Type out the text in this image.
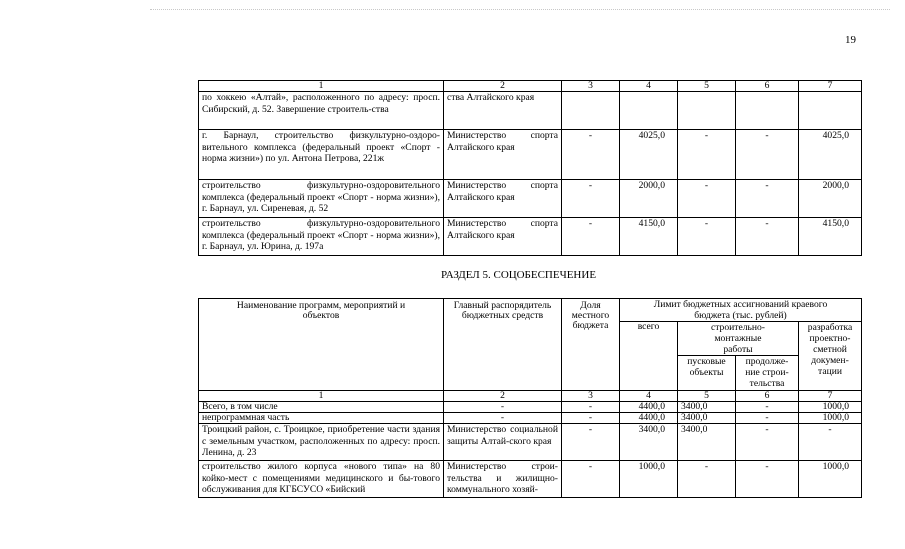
19
1	2	3	4	5	6	7
по хоккею «Алтай», расположенного по адресу: просп. Сибирский, д. 52. Завершение строитель-ства	ства Алтайского края					
г. Барнаул, строительство физкультурно-оздоро-вительного комплекса (федеральный проект «Спорт - норма жизни») по ул. Антона Петрова, 221ж	Министерство спорта Алтайского края	-	4025,0	-	-	4025,0
строительство физкультурно-оздоровительного комплекса (федеральный проект «Спорт - норма жизни»), г. Барнаул, ул. Сиреневая, д. 52	Министерство спорта Алтайского края	-	2000,0	-	-	2000,0
строительство физкультурно-оздоровительного комплекса (федеральный проект «Спорт - норма жизни»), г. Барнаул, ул. Юрина, д. 197а	Министерство спорта Алтайского края	-	4150,0	-	-	4150,0
РАЗДЕЛ 5. СОЦОБЕСПЕЧЕНИЕ
Наименование программ, мероприятий и объектов	Главный распорядитель бюджетных средств	Доля местного бюджета	Лимит бюджетных ассигнований краевого бюджета (тыс. рублей)			
			всего	строительно-монтажные работы		разработка проектно-сметной докумен-тации
				пусковые объекты	продолже-ние строи-тельства	

1	2	3	4	5	6	7
Всего, в том числе	-	-	4400,0	3400,0	-	1000,0
непрограммная часть	-	-	4400,0	3400,0	-	1000,0
Троицкий район, с. Троицкое, приобретение части здания с земельным участком, расположенных по адресу: просп. Ленина, д. 23	Министерство социальной защиты Алтай-ского края	-	3400,0	3400,0	-	-
строительство жилого корпуса «нового типа» на 80 койко-мест с помещениями медицинского и бы-тового обслуживания для КГБСУСО «Бийский	Министерство строи-тельства и жилищно-коммунального хозяй-	-	1000,0	-	-	1000,0
